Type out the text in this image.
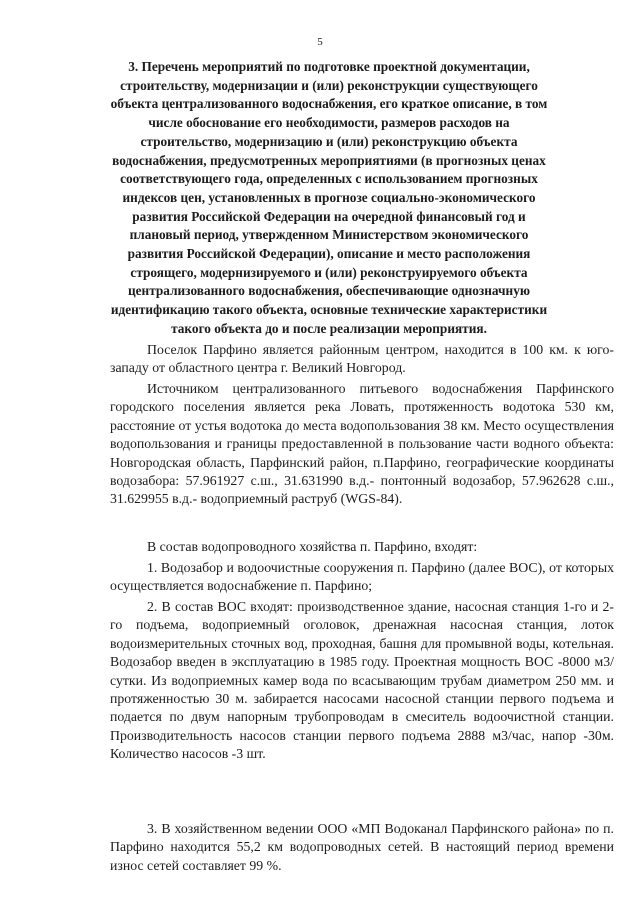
5
3. Перечень мероприятий по подготовке проектной документации, строительству, модернизации и (или) реконструкции существующего объекта централизованного водоснабжения, его краткое описание, в том числе обоснование его необходимости, размеров расходов на строительство, модернизацию и (или) реконструкцию объекта водоснабжения, предусмотренных мероприятиями (в прогнозных ценах соответствующего года, определенных с использованием прогнозных индексов цен, установленных в прогнозе социально-экономического развития Российской Федерации на очередной финансовый год и плановый период, утвержденном Министерством экономического развития Российской Федерации), описание и место расположения строящего, модернизируемого и (или) реконструируемого объекта централизованного водоснабжения, обеспечивающие однозначную идентификацию такого объекта, основные технические характеристики такого объекта до и после реализации мероприятия.

Поселок Парфино является районным центром, находится в 100 км. к юго-западу от областного центра г. Великий Новгород.

Источником централизованного питьевого водоснабжения Парфинского городского поселения является река Ловать, протяженность водотока 530 км, расстояние от устья водотока до места водопользования 38 км. Место осуществления водопользования и границы предоставленной в пользование части водного объекта: Новгородская область, Парфинский район, п.Парфино, географические координаты водозабора: 57.961927 с.ш., 31.631990 в.д.- понтонный водозабор, 57.962628 с.ш., 31.629955 в.д.- водоприемный раструб (WGS-84).

В состав водопроводного хозяйства п. Парфино, входят:

1. Водозабор и водоочистные сооружения п. Парфино (далее ВОС), от которых осуществляется водоснабжение п. Парфино;

2. В состав ВОС входят: производственное здание, насосная станция 1-го и 2-го подъема, водоприемный оголовок, дренажная насосная станция, лоток водоизмерительных сточных вод, проходная, башня для промывной воды, котельная. Водозабор введен в эксплуатацию в 1985 году. Проектная мощность ВОС -8000 м3/сутки. Из водоприемных камер вода по всасывающим трубам диаметром 250 мм. и протяженностью 30 м. забирается насосами насосной станции первого подъема и подается по двум напорным трубопроводам в смеситель водоочистной станции. Производительность насосов станции первого подъема 2888 м3/час, напор -30м. Количество насосов -3 шт.

3. В хозяйственном ведении ООО «МП Водоканал Парфинского района» по п. Парфино находится 55,2 км водопроводных сетей. В настоящий период времени износ сетей составляет 99 %.
